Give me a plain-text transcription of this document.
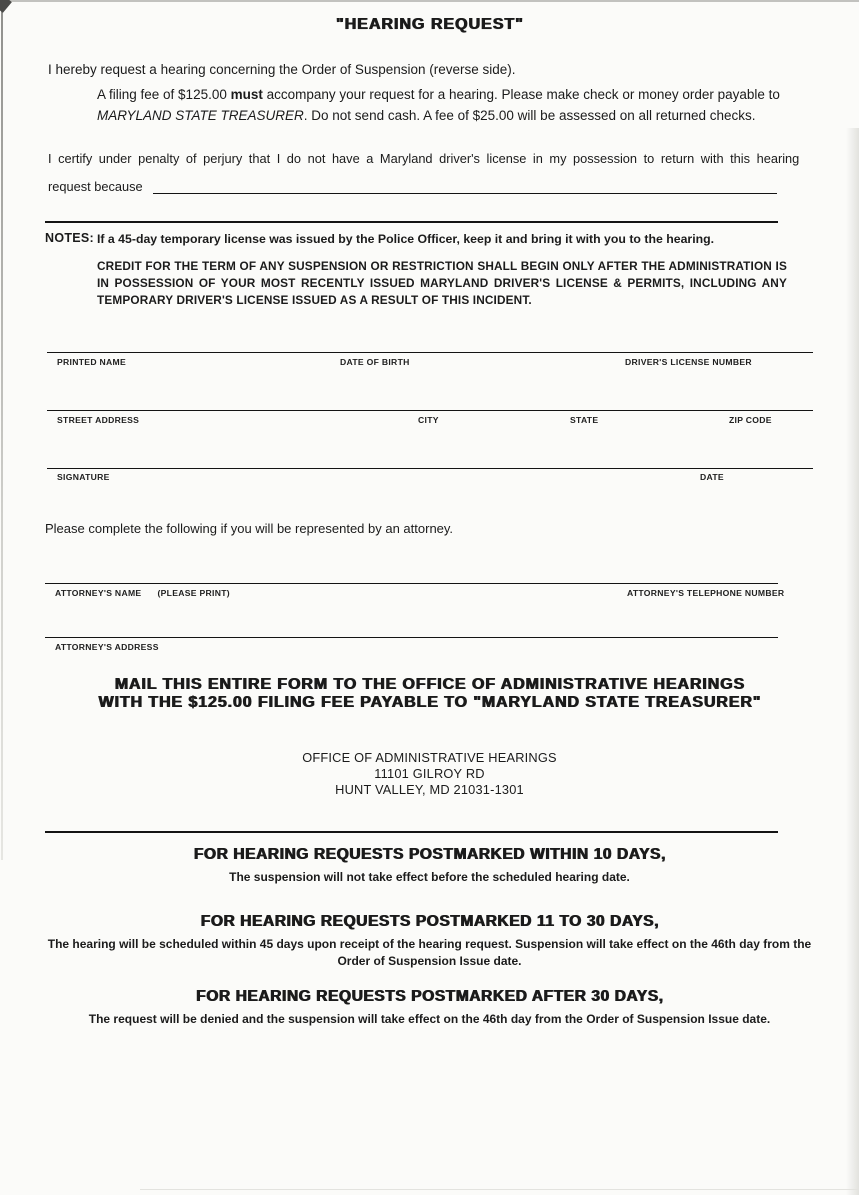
"HEARING REQUEST"
I hereby request a hearing concerning the Order of Suspension (reverse side).
A filing fee of $125.00 must accompany your request for a hearing. Please make check or money order payable to MARYLAND STATE TREASURER. Do not send cash. A fee of $25.00 will be assessed on all returned checks.
I certify under penalty of perjury that I do not have a Maryland driver's license in my possession to return with this hearing
request because
NOTES: If a 45-day temporary license was issued by the Police Officer, keep it and bring it with you to the hearing.
CREDIT FOR THE TERM OF ANY SUSPENSION OR RESTRICTION SHALL BEGIN ONLY AFTER THE ADMINISTRATION IS IN POSSESSION OF YOUR MOST RECENTLY ISSUED MARYLAND DRIVER'S LICENSE & PERMITS, INCLUDING ANY TEMPORARY DRIVER'S LICENSE ISSUED AS A RESULT OF THIS INCIDENT.
PRINTED NAME	DATE OF BIRTH	DRIVER'S LICENSE NUMBER
STREET ADDRESS	CITY	STATE	ZIP CODE
SIGNATURE	DATE
Please complete the following if you will be represented by an attorney.
ATTORNEY'S NAME (PLEASE PRINT)	ATTORNEY'S TELEPHONE NUMBER
ATTORNEY'S ADDRESS
MAIL THIS ENTIRE FORM TO THE OFFICE OF ADMINISTRATIVE HEARINGS
WITH THE $125.00 FILING FEE PAYABLE TO "MARYLAND STATE TREASURER"
OFFICE OF ADMINISTRATIVE HEARINGS
11101 GILROY RD
HUNT VALLEY, MD 21031-1301
FOR HEARING REQUESTS POSTMARKED WITHIN 10 DAYS,
The suspension will not take effect before the scheduled hearing date.
FOR HEARING REQUESTS POSTMARKED 11 TO 30 DAYS,
The hearing will be scheduled within 45 days upon receipt of the hearing request. Suspension will take effect on the 46th day from the Order of Suspension Issue date.
FOR HEARING REQUESTS POSTMARKED AFTER 30 DAYS,
The request will be denied and the suspension will take effect on the 46th day from the Order of Suspension Issue date.
